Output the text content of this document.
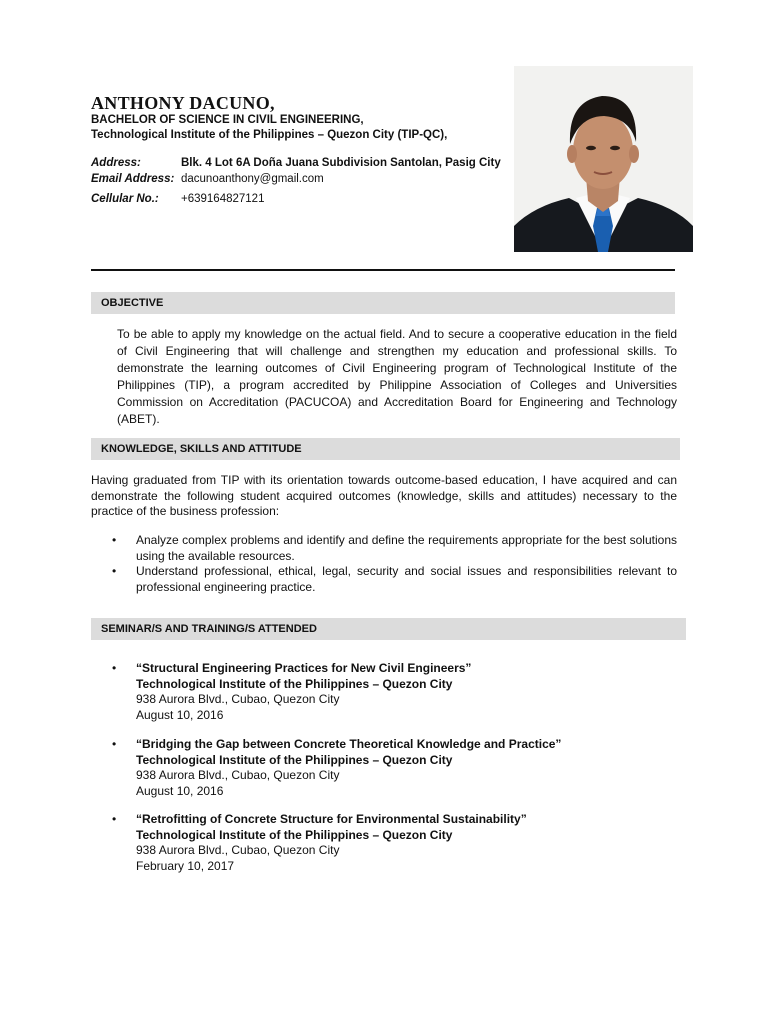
ANTHONY DACUNO,
BACHELOR OF SCIENCE IN CIVIL ENGINEERING,
Technological Institute of the Philippines – Quezon City (TIP-QC),
Address:	Blk. 4 Lot 6A Doña Juana Subdivision Santolan, Pasig City
Email Address: dacunoanthony@gmail.com
Cellular No.: +639164827121
OBJECTIVE
To be able to apply my knowledge on the actual field. And to secure a cooperative education in the field of Civil Engineering that will challenge and strengthen my education and professional skills. To demonstrate the learning outcomes of Civil Engineering program of Technological Institute of the Philippines (TIP), a program accredited by Philippine Association of Colleges and Universities Commission on Accreditation (PACUCOA) and Accreditation Board for Engineering and Technology (ABET).
KNOWLEDGE, SKILLS AND ATTITUDE
Having graduated from TIP with its orientation towards outcome-based education, I have acquired and can demonstrate the following student acquired outcomes (knowledge, skills and attitudes) necessary to the practice of the business profession:
• Analyze complex problems and identify and define the requirements appropriate for the best solutions using the available resources.
• Understand professional, ethical, legal, security and social issues and responsibilities relevant to professional engineering practice.
SEMINAR/S AND TRAINING/S ATTENDED
• “Structural Engineering Practices for New Civil Engineers”
Technological Institute of the Philippines – Quezon City
938 Aurora Blvd., Cubao, Quezon City
August 10, 2016
• “Bridging the Gap between Concrete Theoretical Knowledge and Practice”
Technological Institute of the Philippines – Quezon City
938 Aurora Blvd., Cubao, Quezon City
August 10, 2016
• “Retrofitting of Concrete Structure for Environmental Sustainability”
Technological Institute of the Philippines – Quezon City
938 Aurora Blvd., Cubao, Quezon City
February 10, 2017
